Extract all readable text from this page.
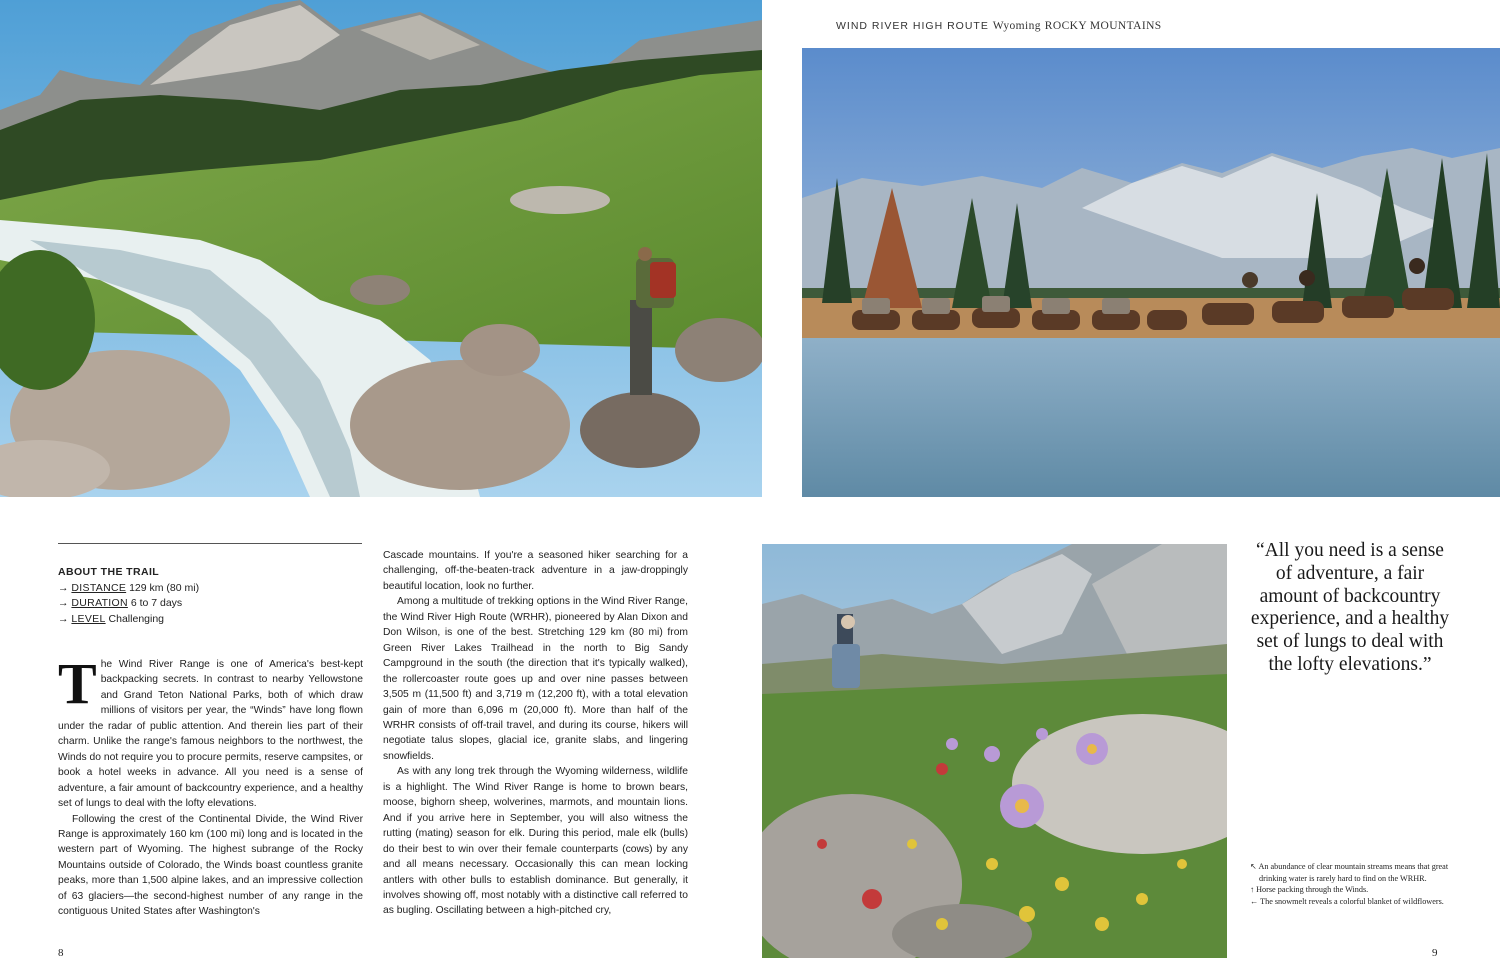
WIND RIVER HIGH ROUTE Wyoming ROCKY MOUNTAINS
ABOUT THE TRAIL
→ DISTANCE 129 km (80 mi)
→ DURATION 6 to 7 days
→ LEVEL Challenging

The Wind River Range is one of America's best-kept backpacking secrets. In contrast to nearby Yellowstone and Grand Teton National Parks, both of which draw millions of visitors per year, the “Winds” have long flown under the radar of public attention. And therein lies part of their charm. Unlike the range's famous neighbors to the northwest, the Winds do not require you to procure permits, reserve campsites, or book a hotel weeks in advance. All you need is a sense of adventure, a fair amount of backcountry experience, and a healthy set of lungs to deal with the lofty elevations.

Following the crest of the Continental Divide, the Wind River Range is approximately 160 km (100 mi) long and is located in the western part of Wyoming. The highest subrange of the Rocky Mountains outside of Colorado, the Winds boast countless granite peaks, more than 1,500 alpine lakes, and an impressive collection of 63 glaciers—the second-highest number of any range in the contiguous United States after Washington's

Cascade mountains. If you're a seasoned hiker searching for a challenging, off-the-beaten-track adventure in a jaw-droppingly beautiful location, look no further.

Among a multitude of trekking options in the Wind River Range, the Wind River High Route (WRHR), pioneered by Alan Dixon and Don Wilson, is one of the best. Stretching 129 km (80 mi) from Green River Lakes Trailhead in the north to Big Sandy Campground in the south (the direction that it's typically walked), the rollercoaster route goes up and over nine passes between 3,505 m (11,500 ft) and 3,719 m (12,200 ft), with a total elevation gain of more than 6,096 m (20,000 ft). More than half of the WRHR consists of off-trail travel, and during its course, hikers will negotiate talus slopes, glacial ice, granite slabs, and lingering snowfields.

As with any long trek through the Wyoming wilderness, wildlife is a highlight. The Wind River Range is home to brown bears, moose, bighorn sheep, wolverines, marmots, and mountain lions. And if you arrive here in September, you will also witness the rutting (mating) season for elk. During this period, male elk (bulls) do their best to win over their female counterparts (cows) by any and all means necessary. Occasionally this can mean locking antlers with other bulls to establish dominance. But generally, it involves showing off, most notably with a distinctive call referred to as bugling. Oscillating between a high-pitched cry,

“All you need is a sense of adventure, a fair amount of backcountry experience, and a healthy set of lungs to deal with the lofty elevations.”
↖ An abundance of clear mountain streams means that great drinking water is rarely hard to find on the WRHR.
↑ Horse packing through the Winds.
← The snowmelt reveals a colorful blanket of wildflowers.
8	9
